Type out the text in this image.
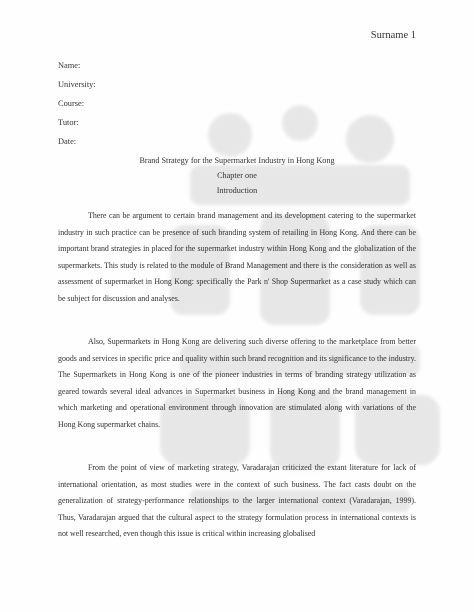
Surname 1
Name:
University:
Course:
Tutor:
Date:
Brand Strategy for the Supermarket Industry in Hong Kong
Chapter one
Introduction

There can be argument to certain brand management and its development catering to the supermarket industry in such practice can be presence of such branding system of retailing in Hong Kong. And there can be important brand strategies in placed for the supermarket industry within Hong Kong and the globalization of the supermarkets. This study is related to the module of Brand Management and there is the consideration as well as assessment of supermarket in Hong Kong: specifically the Park n' Shop Supermarket as a case study which can be subject for discussion and analyses.

Also, Supermarkets in Hong Kong are delivering such diverse offering to the marketplace from better goods and services in specific price and quality within such brand recognition and its significance to the industry. The Supermarkets in Hong Kong is one of the pioneer industries in terms of branding strategy utilization as geared towards several ideal advances in Supermarket business in Hong Kong and the brand management in which marketing and operational environment through innovation are stimulated along with variations of the Hong Kong supermarket chains.

From the point of view of marketing strategy, Varadarajan criticized the extant literature for lack of international orientation, as most studies were in the context of such business. The fact casts doubt on the generalization of strategy-performance relationships to the larger international context (Varadarajan, 1999). Thus, Varadarajan argued that the cultural aspect to the strategy formulation process in international contexts is not well researched, even though this issue is critical within increasing globalised
